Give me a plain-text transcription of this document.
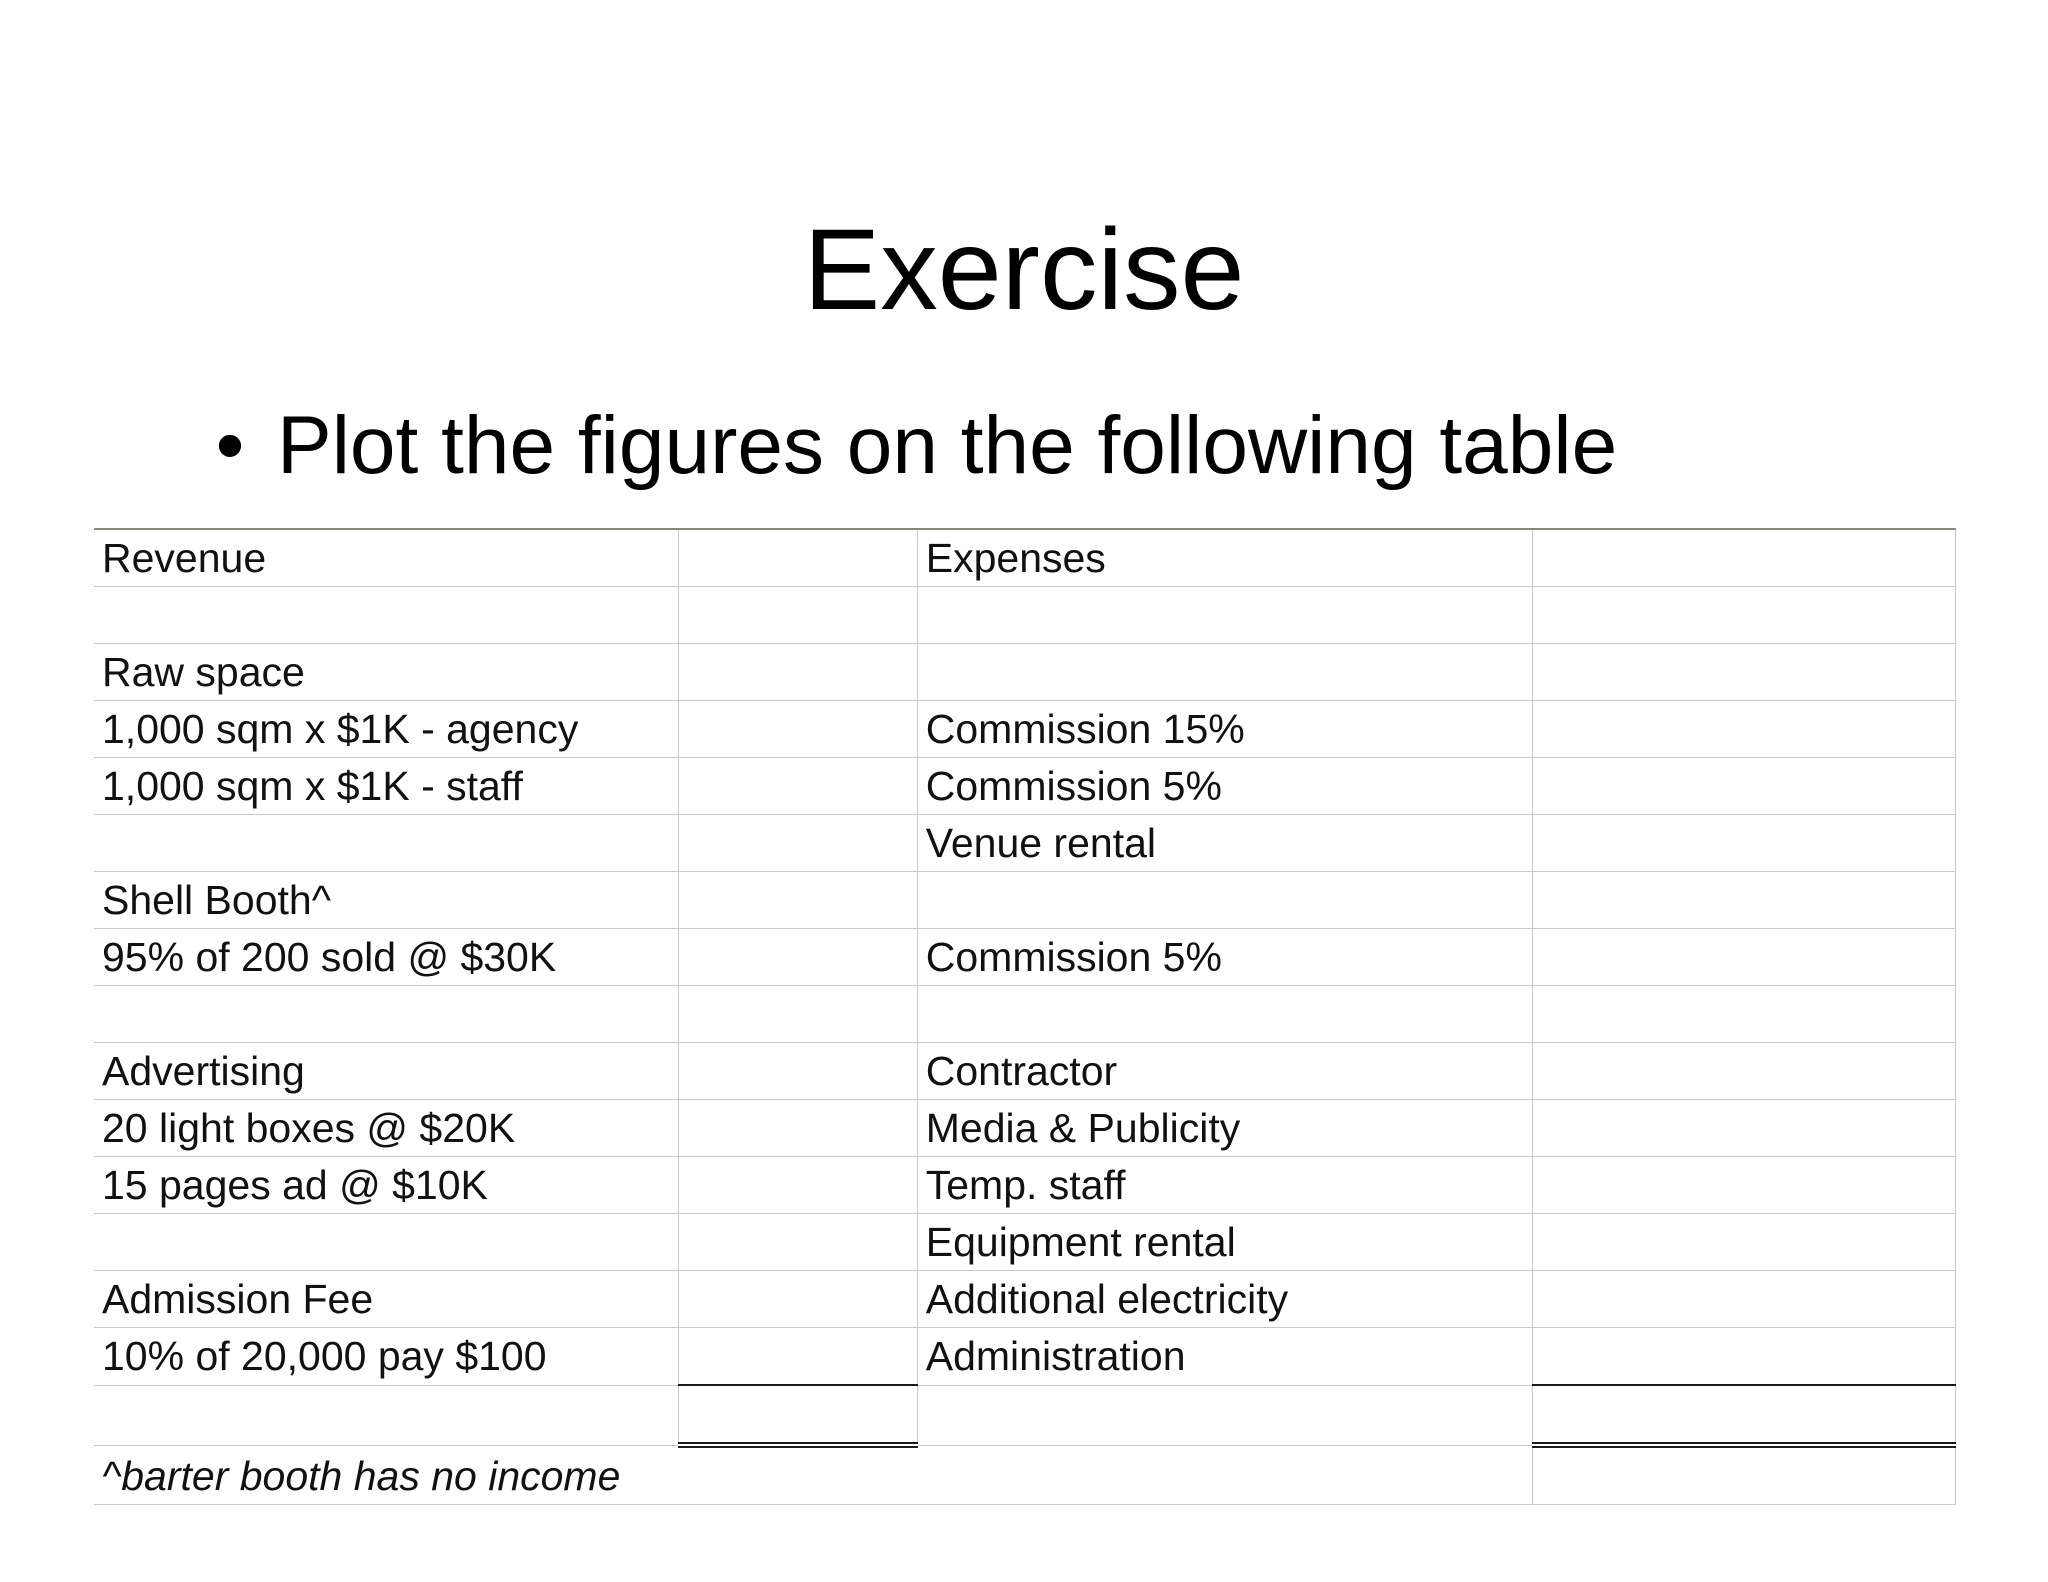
Exercise
• Plot the figures on the following table
Revenue		Expenses	

Raw space			
1,000 sqm x $1K - agency		Commission 15%	
1,000 sqm x $1K - staff		Commission 5%	
		Venue rental	
Shell Booth^			
95% of 200 sold @ $30K		Commission 5%	

Advertising		Contractor	
20 light boxes @ $20K		Media & Publicity	
15 pages ad @ $10K		Temp. staff	
		Equipment rental	
Admission Fee		Additional electricity	
10% of 20,000 pay $100		Administration	

^barter booth has no income			
